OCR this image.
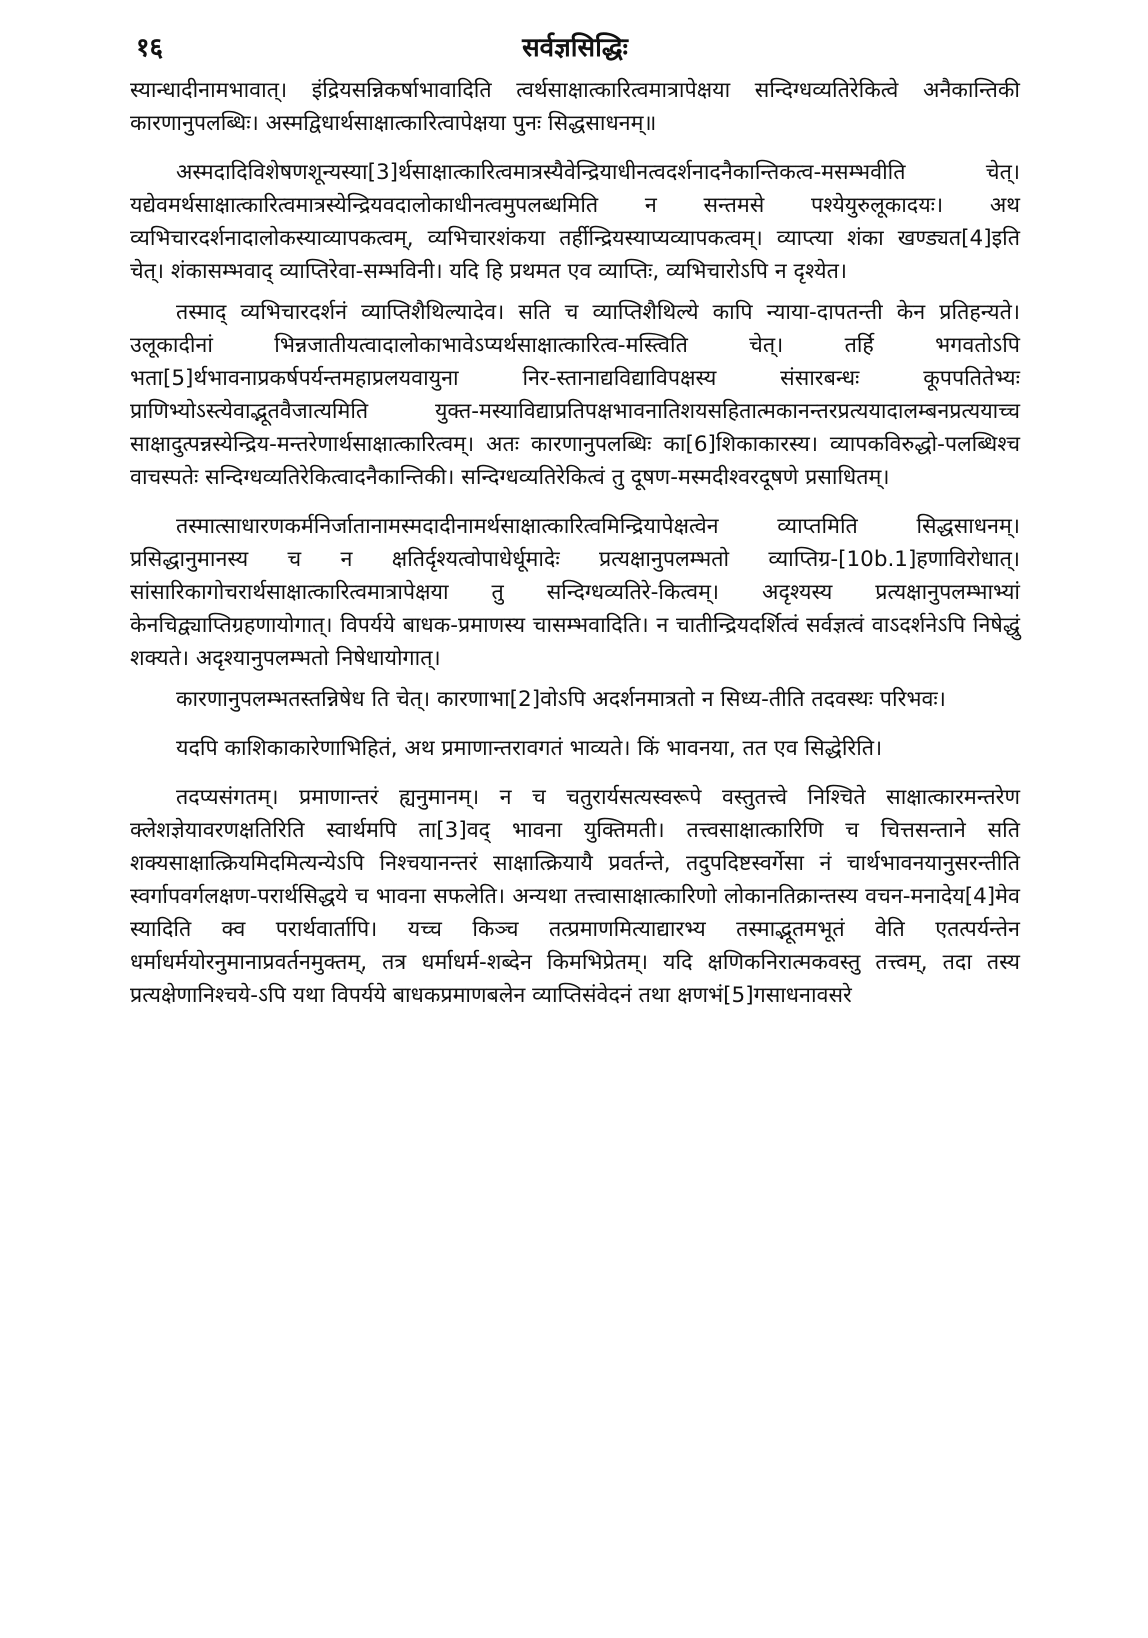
१६	सर्वज्ञसिद्धिः

स्यान्धादीनामभावात्। इंद्रियसन्निकर्षाभावादिति त्वर्थसाक्षात्कारित्वमात्रापेक्षया सन्दिग्धव्यतिरेकित्वे अनैकान्तिकी कारणानुपलब्धिः। अस्मद्विधार्थसाक्षात्कारित्वापेक्षया पुनः सिद्धसाधनम्॥

अस्मदादिविशेषणशून्यस्या[3]र्थसाक्षात्कारित्वमात्रस्यैवेन्द्रियाधीनत्वदर्शनादनैकान्तिकत्व-मसम्भवीति चेत्। यद्येवमर्थसाक्षात्कारित्वमात्रस्येन्द्रियवदालोकाधीनत्वमुपलब्धमिति न सन्तमसे पश्येयुरुलूकादयः। अथ व्यभिचारदर्शनादालोकस्याव्यापकत्वम्, व्यभिचारशंकया तर्हीन्द्रियस्याप्यव्यापकत्वम्। व्याप्त्या शंका खण्ड्यत[4]इति चेत्। शंकासम्भवाद् व्याप्तिरेवा-सम्भविनी। यदि हि प्रथमत एव व्याप्तिः, व्यभिचारोऽपि न दृश्येत।

तस्माद् व्यभिचारदर्शनं व्याप्तिशैथिल्यादेव। सति च व्याप्तिशैथिल्ये कापि न्याया-दापतन्ती केन प्रतिहन्यते। उलूकादीनां भिन्नजातीयत्वादालोकाभावेऽप्यर्थसाक्षात्कारित्व-मस्त्विति चेत्। तर्हि भगवतोऽपि भता[5]र्थभावनाप्रकर्षपर्यन्तमहाप्रलयवायुना निर-स्तानाद्यविद्याविपक्षस्य संसारबन्धः कूपपतितेभ्यः प्राणिभ्योऽस्त्येवाद्भूतवैजात्यमिति युक्त-मस्याविद्याप्रतिपक्षभावनातिशयसहितात्मकानन्तरप्रत्ययादालम्बनप्रत्ययाच्च साक्षादुत्पन्नस्येन्द्रिय-मन्तरेणार्थसाक्षात्कारित्वम्। अतः कारणानुपलब्धिः का[6]शिकाकारस्य। व्यापकविरुद्धो-पलब्धिश्च वाचस्पतेः सन्दिग्धव्यतिरेकित्वादनैकान्तिकी। सन्दिग्धव्यतिरेकित्वं तु दूषण-मस्मदीश्वरदूषणे प्रसाधितम्।

तस्मात्साधारणकर्मनिर्जातानामस्मदादीनामर्थसाक्षात्कारित्वमिन्द्रियापेक्षत्वेन व्याप्तमिति सिद्धसाधनम्। प्रसिद्धानुमानस्य च न क्षतिर्दृश्यत्वोपाधेर्धूमादेः प्रत्यक्षानुपलम्भतो व्याप्तिग्र-[10b.1]हणाविरोधात्। सांसारिकागोचरार्थसाक्षात्कारित्वमात्रापेक्षया तु सन्दिग्धव्यतिरे-कित्वम्। अदृश्यस्य प्रत्यक्षानुपलम्भाभ्यां केनचिद्व्याप्तिग्रहणायोगात्। विपर्यये बाधक-प्रमाणस्य चासम्भवादिति। न चातीन्द्रियदर्शित्वं सर्वज्ञत्वं वाऽदर्शनेऽपि निषेद्धुं शक्यते। अदृश्यानुपलम्भतो निषेधायोगात्।

कारणानुपलम्भतस्तन्निषेध ति चेत्। कारणाभा[2]वोऽपि अदर्शनमात्रतो न सिध्य-तीति तदवस्थः परिभवः।

यदपि काशिकाकारेणाभिहितं, अथ प्रमाणान्तरावगतं भाव्यते। किं भावनया, तत एव सिद्धेरिति।

तदप्यसंगतम्। प्रमाणान्तरं ह्यनुमानम्। न च चतुरार्यसत्यस्वरूपे वस्तुतत्त्वे निश्चिते साक्षात्कारमन्तरेण क्लेशज्ञेयावरणक्षतिरिति स्वार्थमपि ता[3]वद् भावना युक्तिमती। तत्त्वसाक्षात्कारिणि च चित्तसन्ताने सति शक्यसाक्षात्क्रियमिदमित्यन्येऽपि निश्चयानन्तरं साक्षात्क्रियायै प्रवर्तन्ते, तदुपदिष्टस्वर्गेसा नं चार्थभावनयानुसरन्तीति स्वर्गापवर्गलक्षण-परार्थसिद्धये च भावना सफलेति। अन्यथा तत्त्वासाक्षात्कारिणो लोकानतिक्रान्तस्य वचन-मनादेय[4]मेव स्यादिति क्व परार्थवार्तापि। यच्च किञ्च तत्प्रमाणमित्याद्यारभ्य तस्माद्भूतमभूतं वेति एतत्पर्यन्तेन धर्माधर्मयोरनुमानाप्रवर्तनमुक्तम्, तत्र धर्माधर्म-शब्देन किमभिप्रेतम्। यदि क्षणिकनिरात्मकवस्तु तत्त्वम्, तदा तस्य प्रत्यक्षेणानिश्चये-ऽपि यथा विपर्यये बाधकप्रमाणबलेन व्याप्तिसंवेदनं तथा क्षणभं[5]गसाधनावसरे
